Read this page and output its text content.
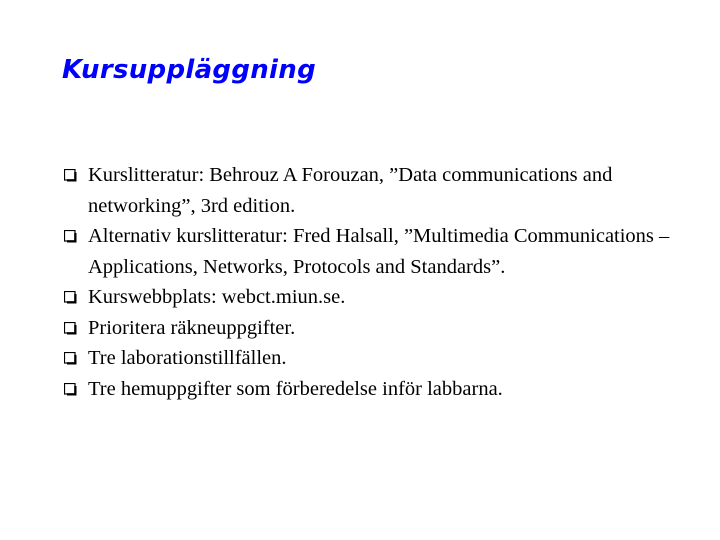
Kursuppläggning
Kurslitteratur: Behrouz A Forouzan, ”Data communications and networking”, 3rd edition.
Alternativ kurslitteratur: Fred Halsall, ”Multimedia Communications – Applications, Networks, Protocols and Standards”.
Kurswebbplats: webct.miun.se.
Prioritera räkneuppgifter.
Tre laborationstillfällen.
Tre hemuppgifter som förberedelse inför labbarna.
